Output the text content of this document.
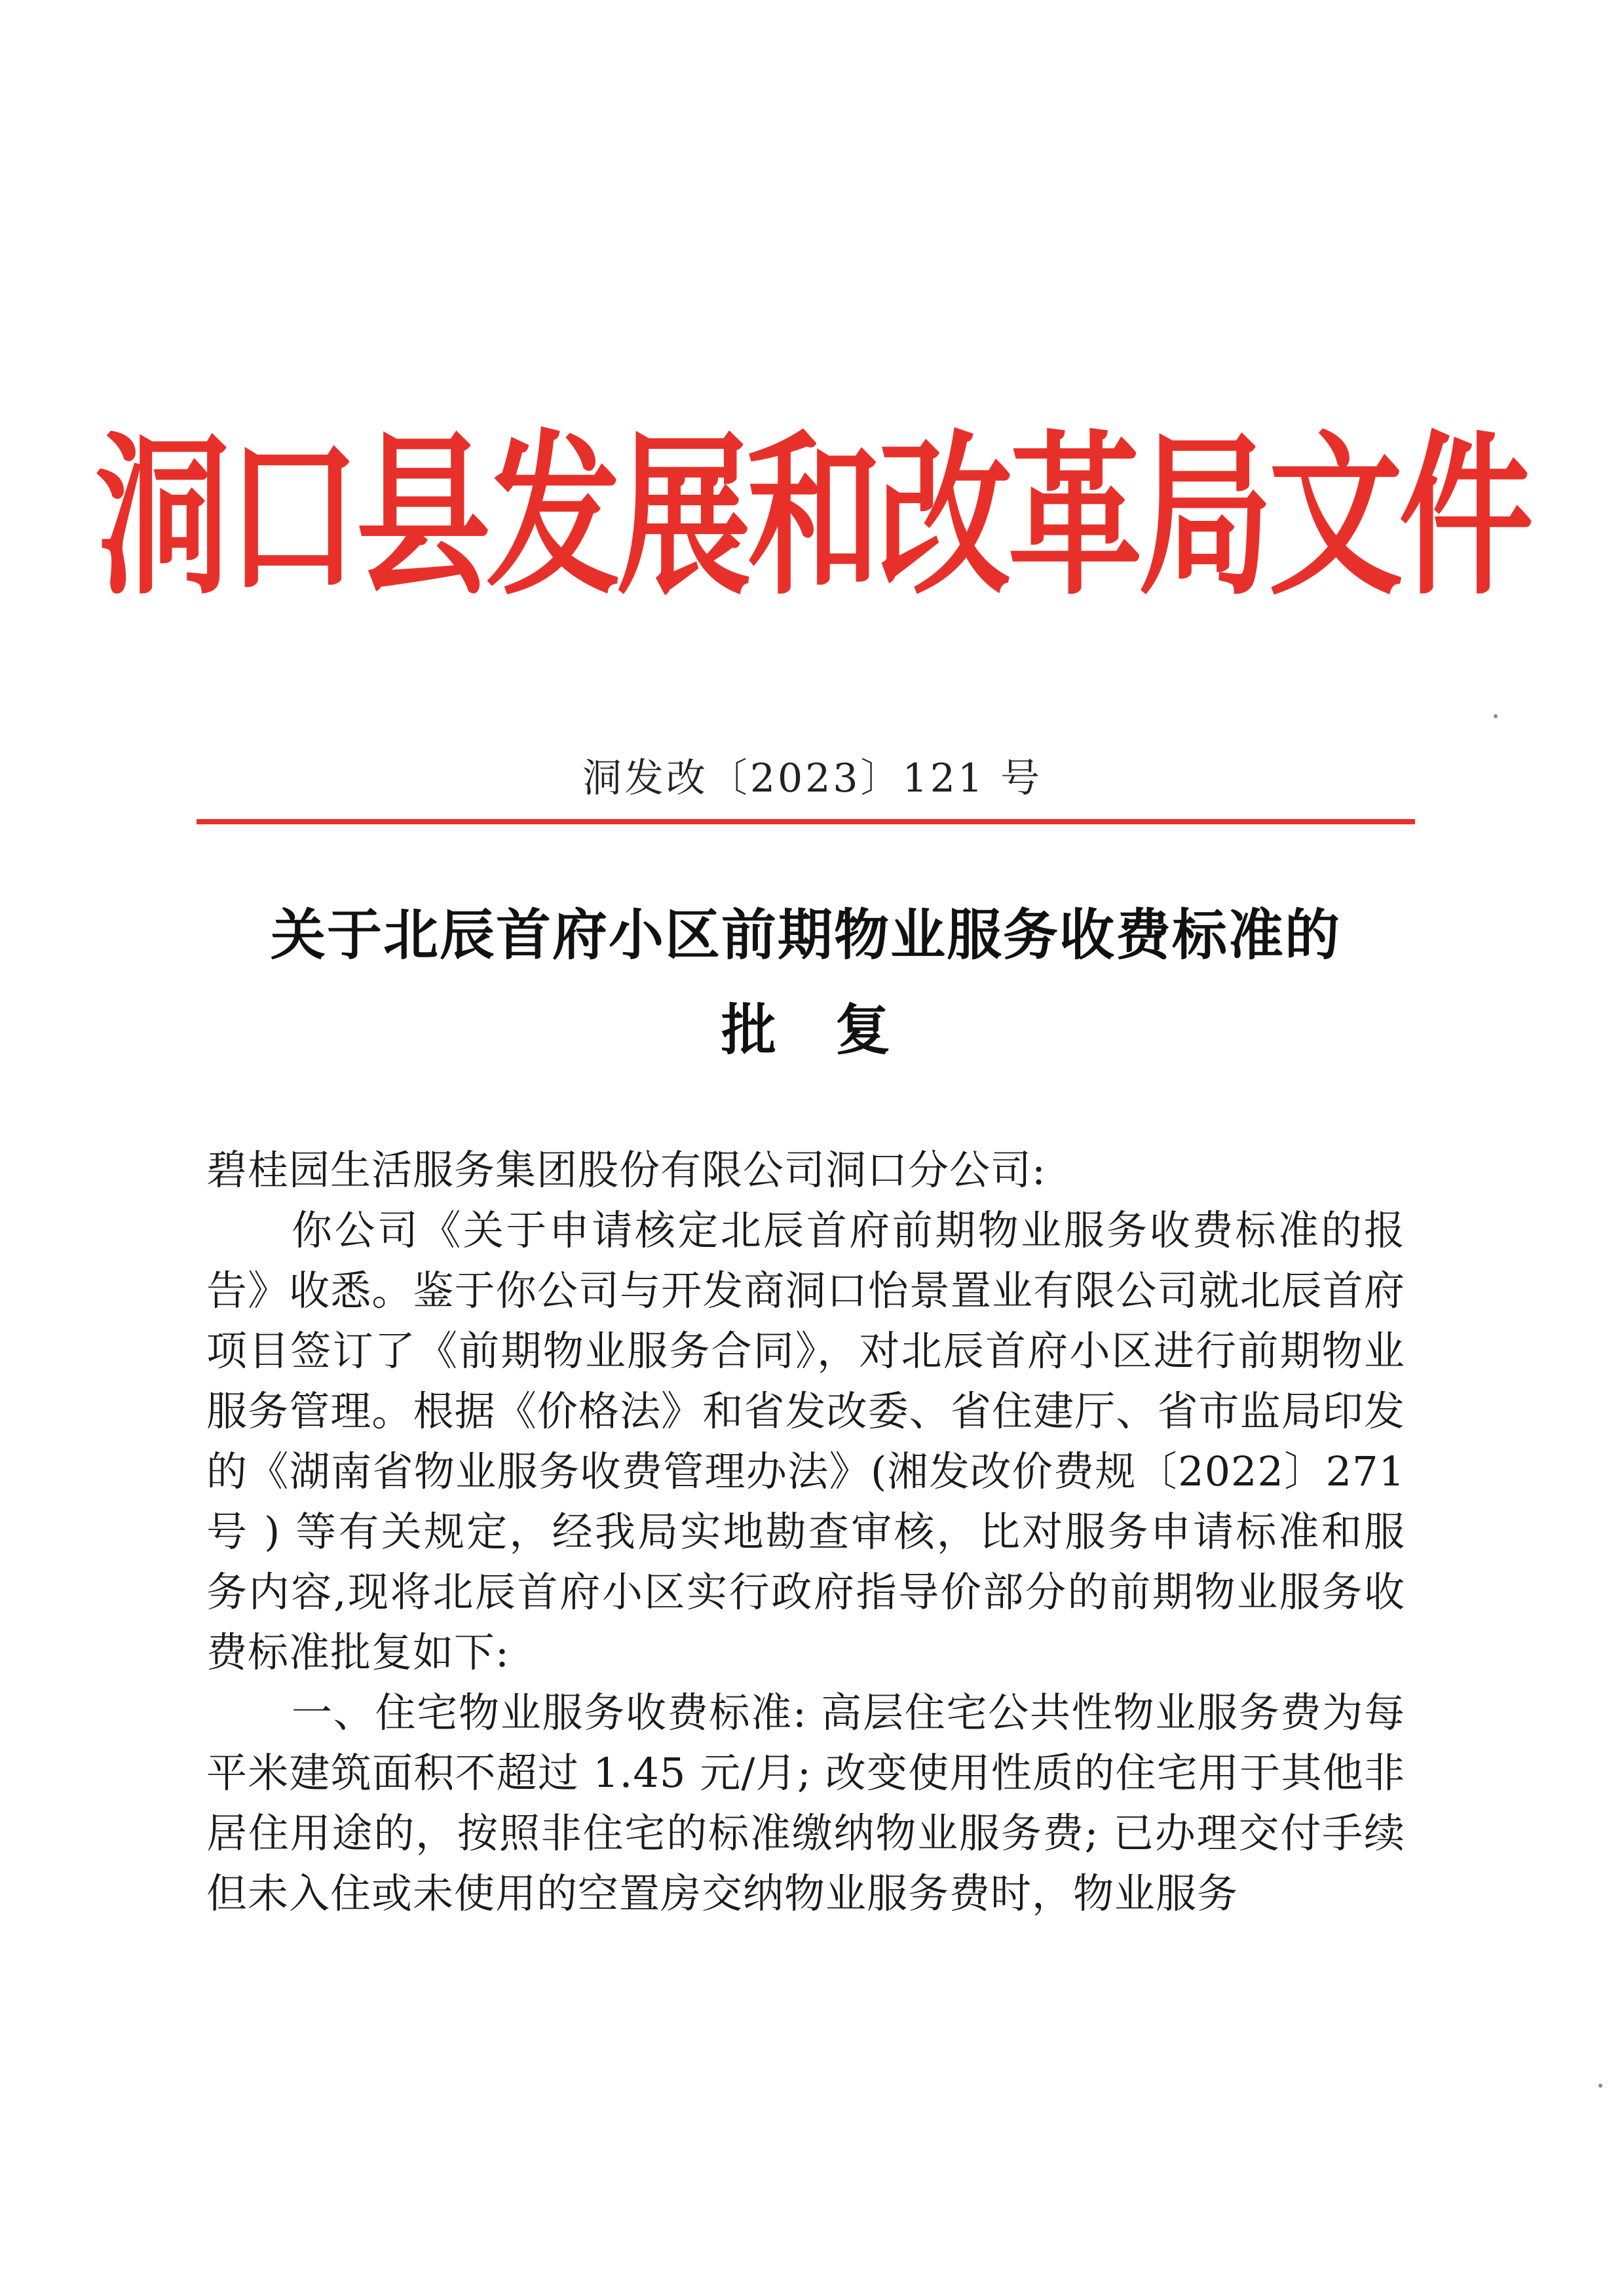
洞口县发展和改革局文件
洞发改〔2023〕121 号
关于北辰首府小区前期物业服务收费标准的
批复

碧桂园生活服务集团股份有限公司洞口分公司:

你公司《关于申请核定北辰首府前期物业服务收费标准的报告》收悉。鉴于你公司与开发商洞口怡景置业有限公司就北辰首府项目签订了《前期物业服务合同》，对北辰首府小区进行前期物业服务管理。根据《价格法》和省发改委、省住建厅、省市监局印发的《湖南省物业服务收费管理办法》(湘发改价费规〔2022〕271 号 ) 等有关规定，经我局实地勘查审核，比对服务申请标准和服务内容,现将北辰首府小区实行政府指导价部分的前期物业服务收费标准批复如下:

一、住宅物业服务收费标准: 高层住宅公共性物业服务费为每平米建筑面积不超过 1.45 元/月; 改变使用性质的住宅用于其他非居住用途的，按照非住宅的标准缴纳物业服务费; 已办理交付手续但未入住或未使用的空置房交纳物业服务费时，物业服务
